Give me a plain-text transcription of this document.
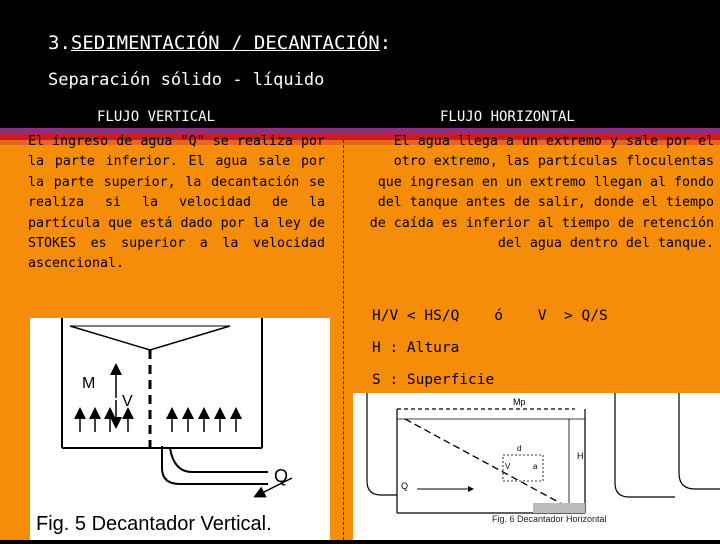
3.SEDIMENTACIÓN / DECANTACIÓN:
Separación sólido - líquido
FLUJO VERTICAL	FLUJO HORIZONTAL
El ingreso de agua "Q" se realiza por la parte inferior. El agua sale por la parte superior, la decantación se realiza si la velocidad de la partícula que está dado por la ley de STOKES es superior a la velocidad ascencional.
El agua llega a un extremo y sale por el otro extremo, las partículas floculentas que ingresan en un extremo llegan al fondo del tanque antes de salir, donde el tiempo de caída es inferior al tiempo de retención del agua dentro del tanque.
H/V < HS/Q    ó    V  > Q/S
H : Altura
S : Superficie
M
V
Q
Fig. 5 Decantador Vertical.
Mp
H
Q
d
V	a
Fig. 6 Decantador Horizontal
